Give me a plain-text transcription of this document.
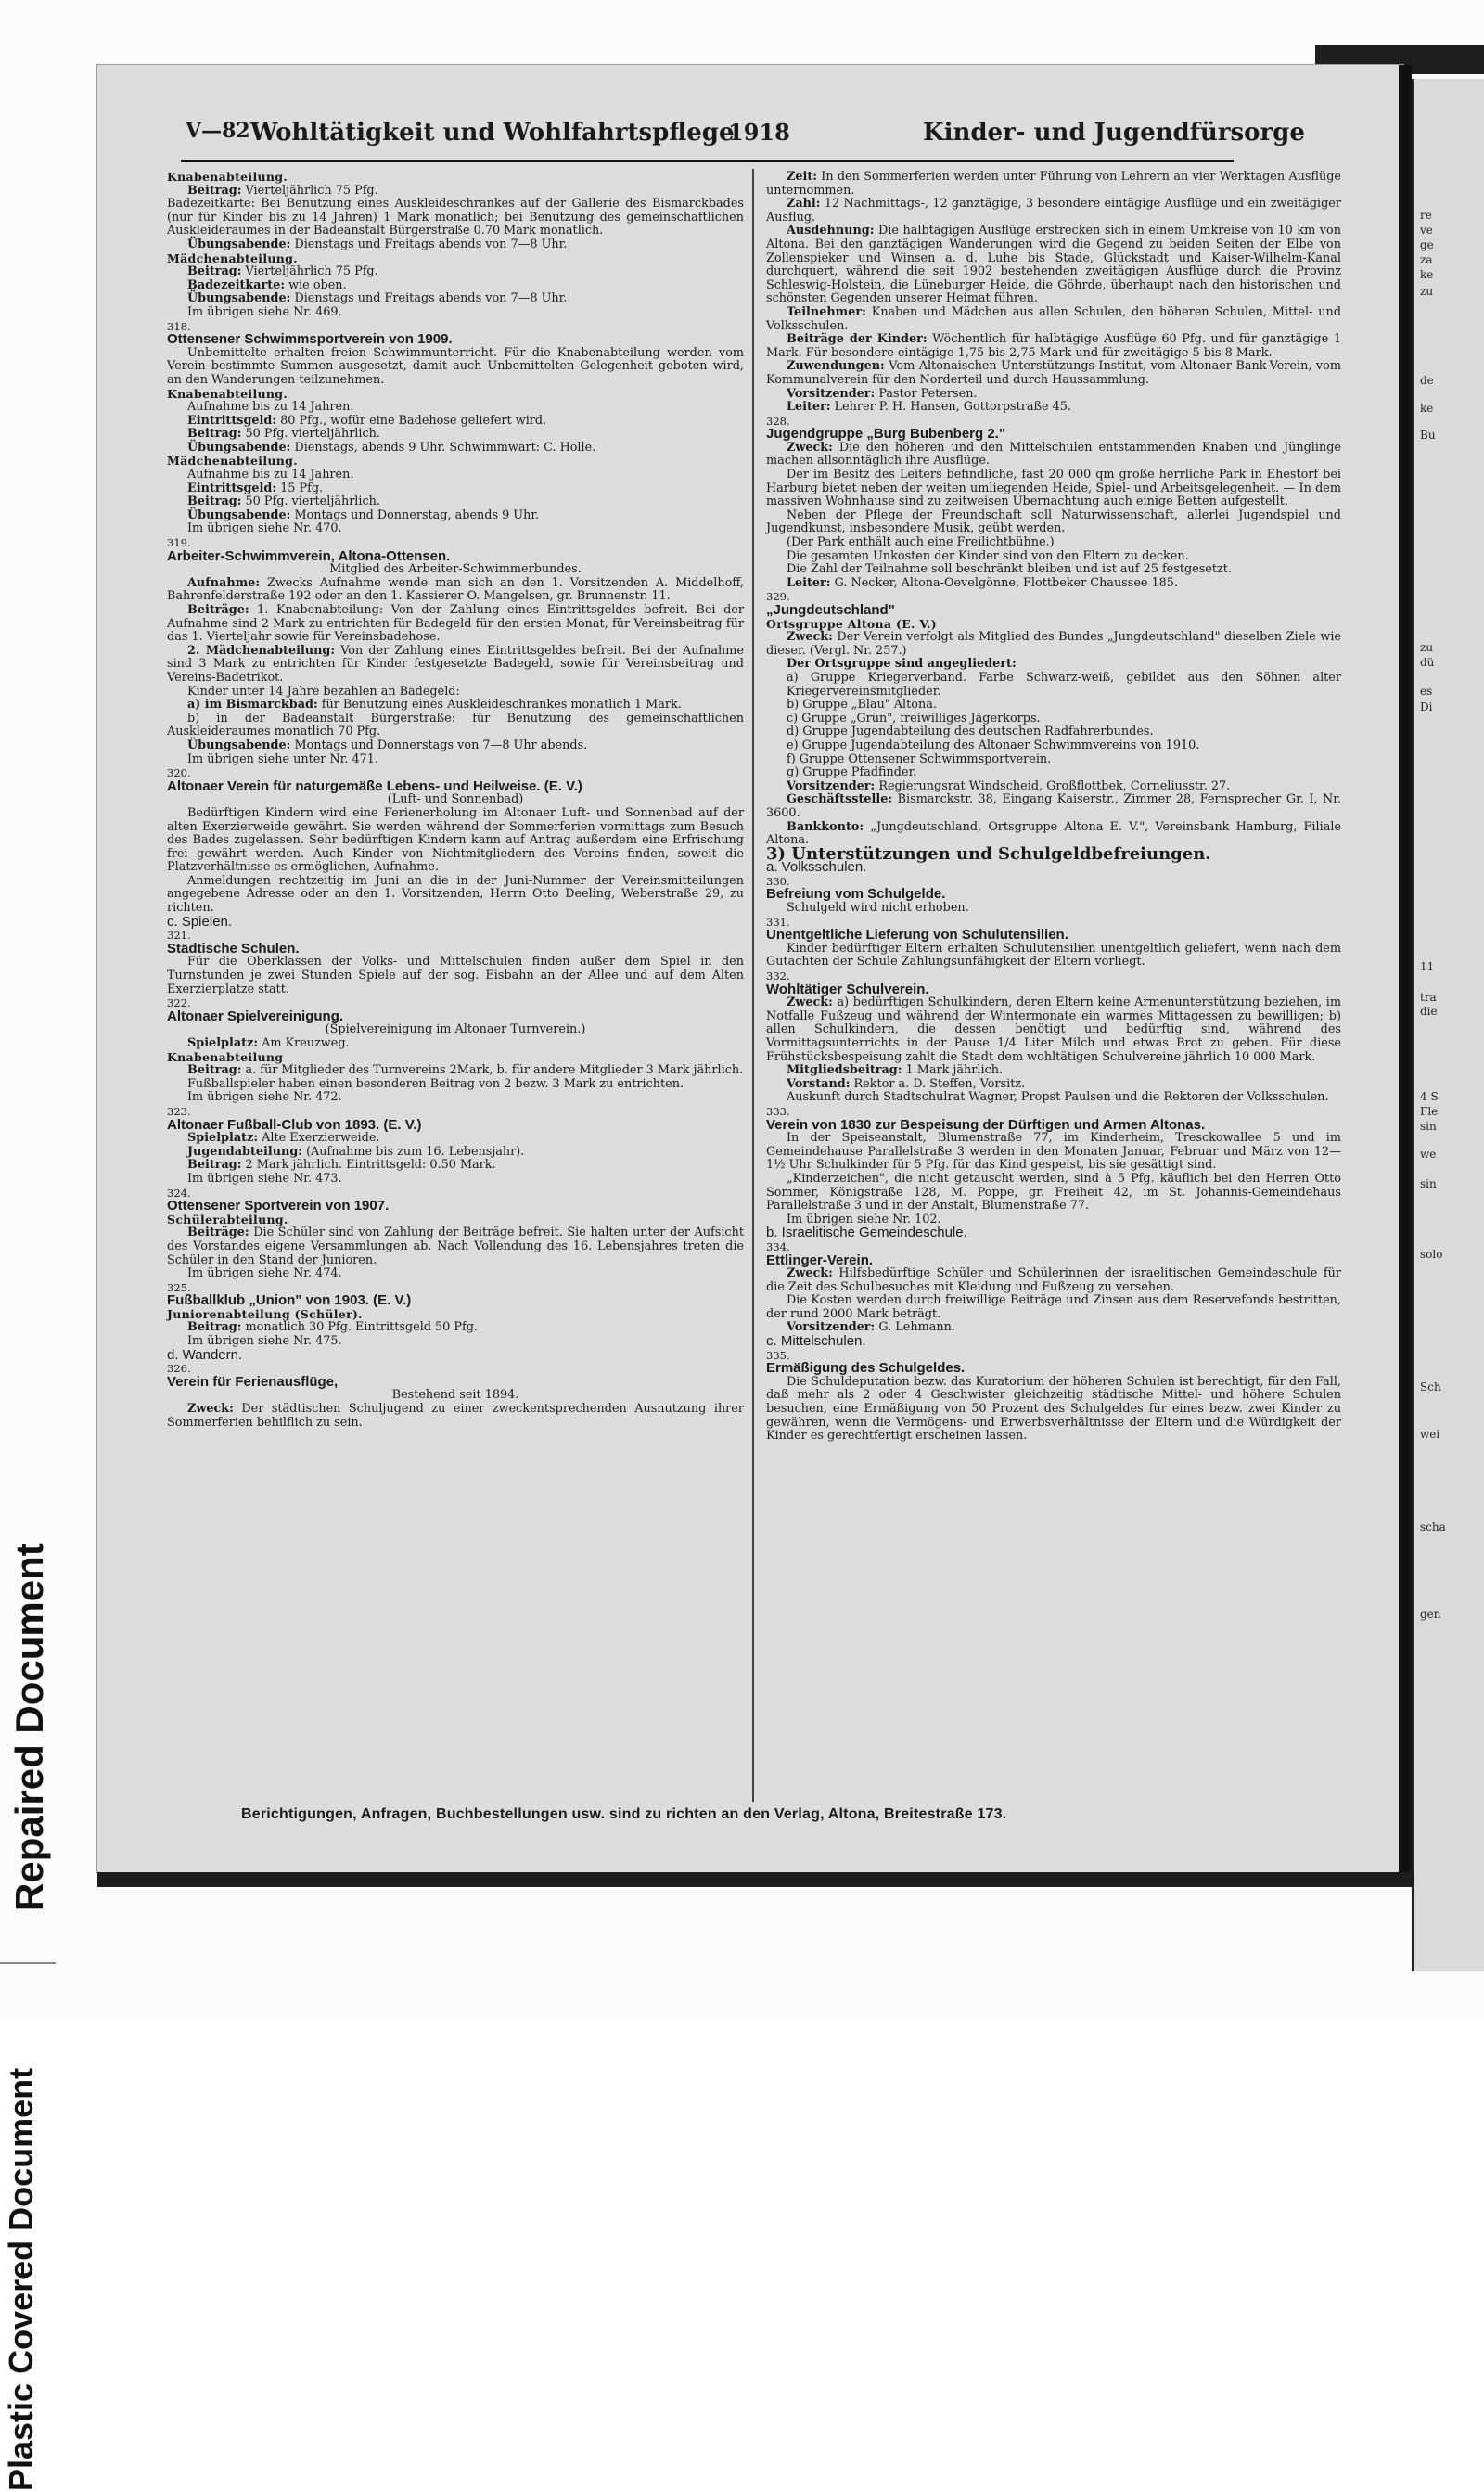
Plastic Covered Document
Repaired Document
re
ve
ge
za
ke
zu
de
ke
Bu
zu
dü
es
Di
11
tra
die
4 S
Fle
sin
we
sin
solo
Sch
wei
scha
gen
V—82 Wohltätigkeit und Wohlfahrtspflege
1918	Kinder- und Jugendfürsorge

Knabenabteilung.

Beitrag: Vierteljährlich 75 Pfg.

Badezeitkarte: Bei Benutzung eines Auskleideschrankes auf der Gallerie des Bismarckbades (nur für Kinder bis zu 14 Jahren) 1 Mark monatlich; bei Benutzung des gemeinschaftlichen Auskleideraumes in der Badeanstalt Bürgerstraße 0.70 Mark monatlich.

Übungsabende: Dienstags und Freitags abends von 7—8 Uhr.

Mädchenabteilung.

Beitrag: Vierteljährlich 75 Pfg.

Badezeitkarte: wie oben.

Übungsabende: Dienstags und Freitags abends von 7—8 Uhr.

Im übrigen siehe Nr. 469.

318.

Ottensener Schwimmsportverein von 1909.

Unbemittelte erhalten freien Schwimmunterricht. Für die Knabenabteilung werden vom Verein bestimmte Summen ausgesetzt, damit auch Unbemittelten Gelegenheit geboten wird, an den Wanderungen teilzunehmen.

Knabenabteilung.

Aufnahme bis zu 14 Jahren.

Eintrittsgeld: 80 Pfg., wofür eine Badehose geliefert wird.

Beitrag: 50 Pfg. vierteljährlich.

Übungsabende: Dienstags, abends 9 Uhr. Schwimmwart: C. Holle.

Mädchenabteilung.

Aufnahme bis zu 14 Jahren.

Eintrittsgeld: 15 Pfg.

Beitrag: 50 Pfg. vierteljährlich.

Übungsabende: Montags und Donnerstag, abends 9 Uhr.

Im übrigen siehe Nr. 470.

319.

Arbeiter-Schwimmverein, Altona-Ottensen.

Mitglied des Arbeiter-Schwimmerbundes.

Aufnahme: Zwecks Aufnahme wende man sich an den 1. Vorsitzenden A. Middelhoff, Bahrenfelderstraße 192 oder an den 1. Kassierer O. Mangelsen, gr. Brunnenstr. 11.

Beiträge: 1. Knabenabteilung: Von der Zahlung eines Eintrittsgeldes befreit. Bei der Aufnahme sind 2 Mark zu entrichten für Badegeld für den ersten Monat, für Vereinsbeitrag für das 1. Vierteljahr sowie für Vereinsbadehose.

2. Mädchenabteilung: Von der Zahlung eines Eintrittsgeldes befreit. Bei der Aufnahme sind 3 Mark zu entrichten für Kinder festgesetzte Badegeld, sowie für Vereinsbeitrag und Vereins-Badetrikot.

Kinder unter 14 Jahre bezahlen an Badegeld:

a) im Bismarckbad: für Benutzung eines Auskleideschrankes monatlich 1 Mark.

b) in der Badeanstalt Bürgerstraße: für Benutzung des gemeinschaftlichen Auskleideraumes monatlich 70 Pfg.

Übungsabende: Montags und Donnerstags von 7—8 Uhr abends.

Im übrigen siehe unter Nr. 471.

320.

Altonaer Verein für naturgemäße Lebens- und Heilweise. (E. V.)

(Luft- und Sonnenbad)

Bedürftigen Kindern wird eine Ferienerholung im Altonaer Luft- und Sonnenbad auf der alten Exerzierweide gewährt. Sie werden während der Sommerferien vormittags zum Besuch des Bades zugelassen. Sehr bedürftigen Kindern kann auf Antrag außerdem eine Erfrischung frei gewährt werden. Auch Kinder von Nichtmitgliedern des Vereins finden, soweit die Platzverhältnisse es ermöglichen, Aufnahme.

Anmeldungen rechtzeitig im Juni an die in der Juni-Nummer der Vereinsmitteilungen angegebene Adresse oder an den 1. Vorsitzenden, Herrn Otto Deeling, Weberstraße 29, zu richten.

c. Spielen.

321.

Städtische Schulen.

Für die Oberklassen der Volks- und Mittelschulen finden außer dem Spiel in den Turnstunden je zwei Stunden Spiele auf der sog. Eisbahn an der Allee und auf dem Alten Exerzierplatze statt.

322.

Altonaer Spielvereinigung.

(Spielvereinigung im Altonaer Turnverein.)

Spielplatz: Am Kreuzweg.

Knabenabteilung

Beitrag: a. für Mitglieder des Turnvereins 2Mark, b. für andere Mitglieder 3 Mark jährlich.

Fußballspieler haben einen besonderen Beitrag von 2 bezw. 3 Mark zu entrichten.

Im übrigen siehe Nr. 472.

323.

Altonaer Fußball-Club von 1893. (E. V.)

Spielplatz: Alte Exerzierweide.

Jugendabteilung: (Aufnahme bis zum 16. Lebensjahr).

Beitrag: 2 Mark jährlich. Eintrittsgeld: 0.50 Mark.

Im übrigen siehe Nr. 473.

324.

Ottensener Sportverein von 1907.

Schülerabteilung.

Beiträge: Die Schüler sind von Zahlung der Beiträge befreit. Sie halten unter der Aufsicht des Vorstandes eigene Versammlungen ab. Nach Vollendung des 16. Lebensjahres treten die Schüler in den Stand der Junioren.

Im übrigen siehe Nr. 474.

325.

Fußballklub „Union" von 1903. (E. V.)

Juniorenabteilung (Schüler).

Beitrag: monatlich 30 Pfg. Eintrittsgeld 50 Pfg.

Im übrigen siehe Nr. 475.

d. Wandern.

326.

Verein für Ferienausflüge,

Bestehend seit 1894.

Zweck: Der städtischen Schuljugend zu einer zweckentsprechenden Ausnutzung ihrer Sommerferien behilflich zu sein.

Zeit: In den Sommerferien werden unter Führung von Lehrern an vier Werktagen Ausflüge unternommen.

Zahl: 12 Nachmittags-, 12 ganztägige, 3 besondere eintägige Ausflüge und ein zweitägiger Ausflug.

Ausdehnung: Die halbtägigen Ausflüge erstrecken sich in einem Umkreise von 10 km von Altona. Bei den ganztägigen Wanderungen wird die Gegend zu beiden Seiten der Elbe von Zollenspieker und Winsen a. d. Luhe bis Stade, Glückstadt und Kaiser-Wilhelm-Kanal durchquert, während die seit 1902 bestehenden zweitägigen Ausflüge durch die Provinz Schleswig-Holstein, die Lüneburger Heide, die Göhrde, überhaupt nach den historischen und schönsten Gegenden unserer Heimat führen.

Teilnehmer: Knaben und Mädchen aus allen Schulen, den höheren Schulen, Mittel- und Volksschulen.

Beiträge der Kinder: Wöchentlich für halbtägige Ausflüge 60 Pfg. und für ganztägige 1 Mark. Für besondere eintägige 1,75 bis 2,75 Mark und für zweitägige 5 bis 8 Mark.

Zuwendungen: Vom Altonaischen Unterstützungs-Institut, vom Altonaer Bank-Verein, vom Kommunalverein für den Norderteil und durch Haussammlung.

Vorsitzender: Pastor Petersen.

Leiter: Lehrer P. H. Hansen, Gottorpstraße 45.

328.

Jugendgruppe „Burg Bubenberg 2."

Zweck: Die den höheren und den Mittelschulen entstammenden Knaben und Jünglinge machen allsonntäglich ihre Ausflüge.

Der im Besitz des Leiters befindliche, fast 20 000 qm große herrliche Park in Ehestorf bei Harburg bietet neben der weiten umliegenden Heide, Spiel- und Arbeitsgelegenheit. — In dem massiven Wohnhause sind zu zeitweisen Übernachtung auch einige Betten aufgestellt.

Neben der Pflege der Freundschaft soll Naturwissenschaft, allerlei Jugendspiel und Jugendkunst, insbesondere Musik, geübt werden.

(Der Park enthält auch eine Freilichtbühne.)

Die gesamten Unkosten der Kinder sind von den Eltern zu decken.

Die Zahl der Teilnahme soll beschränkt bleiben und ist auf 25 festgesetzt.

Leiter: G. Necker, Altona-Oevelgönne, Flottbeker Chaussee 185.

329.

„Jungdeutschland"

Ortsgruppe Altona (E. V.)

Zweck: Der Verein verfolgt als Mitglied des Bundes „Jungdeutschland" dieselben Ziele wie dieser. (Vergl. Nr. 257.)

Der Ortsgruppe sind angegliedert:

a) Gruppe Kriegerverband. Farbe Schwarz-weiß, gebildet aus den Söhnen alter Kriegervereinsmitglieder.

b) Gruppe „Blau" Altona.

c) Gruppe „Grün", freiwilliges Jägerkorps.

d) Gruppe Jugendabteilung des deutschen Radfahrerbundes.

e) Gruppe Jugendabteilung des Altonaer Schwimmvereins von 1910.

f) Gruppe Ottensener Schwimmsportverein.

g) Gruppe Pfadfinder.

Vorsitzender: Regierungsrat Windscheid, Großflottbek, Corneliusstr. 27.

Geschäftsstelle: Bismarckstr. 38, Eingang Kaiserstr., Zimmer 28, Fernsprecher Gr. I, Nr. 3600.

Bankkonto: „Jungdeutschland, Ortsgruppe Altona E. V.", Vereinsbank Hamburg, Filiale Altona.

3) Unterstützungen und Schulgeldbefreiungen.

a. Volksschulen.

330.

Befreiung vom Schulgelde.

Schulgeld wird nicht erhoben.

331.

Unentgeltliche Lieferung von Schulutensilien.

Kinder bedürftiger Eltern erhalten Schulutensilien unentgeltlich geliefert, wenn nach dem Gutachten der Schule Zahlungsunfähigkeit der Eltern vorliegt.

332.

Wohltätiger Schulverein.

Zweck: a) bedürftigen Schulkindern, deren Eltern keine Armenunterstützung beziehen, im Notfalle Fußzeug und während der Wintermonate ein warmes Mittagessen zu bewilligen; b) allen Schulkindern, die dessen benötigt und bedürftig sind, während des Vormittagsunterrichts in der Pause 1/4 Liter Milch und etwas Brot zu geben. Für diese Frühstücksbespeisung zahlt die Stadt dem wohltätigen Schulvereine jährlich 10 000 Mark.

Mitgliedsbeitrag: 1 Mark jährlich.

Vorstand: Rektor a. D. Steffen, Vorsitz.

Auskunft durch Stadtschulrat Wagner, Propst Paulsen und die Rektoren der Volksschulen.

333.

Verein von 1830 zur Bespeisung der Dürftigen und Armen Altonas.

In der Speiseanstalt, Blumenstraße 77, im Kinderheim, Tresckowallee 5 und im Gemeindehause Parallelstraße 3 werden in den Monaten Januar, Februar und März von 12—1½ Uhr Schulkinder für 5 Pfg. für das Kind gespeist, bis sie gesättigt sind.

„Kinderzeichen", die nicht getauscht werden, sind à 5 Pfg. käuflich bei den Herren Otto Sommer, Königstraße 128, M. Poppe, gr. Freiheit 42, im St. Johannis-Gemeindehaus Parallelstraße 3 und in der Anstalt, Blumenstraße 77.

Im übrigen siehe Nr. 102.

b. Israelitische Gemeindeschule.

334.

Ettlinger-Verein.

Zweck: Hilfsbedürftige Schüler und Schülerinnen der israelitischen Gemeindeschule für die Zeit des Schulbesuches mit Kleidung und Fußzeug zu versehen.

Die Kosten werden durch freiwillige Beiträge und Zinsen aus dem Reservefonds bestritten, der rund 2000 Mark beträgt.

Vorsitzender: G. Lehmann.

c. Mittelschulen.

335.

Ermäßigung des Schulgeldes.

Die Schuldeputation bezw. das Kuratorium der höheren Schulen ist berechtigt, für den Fall, daß mehr als 2 oder 4 Geschwister gleichzeitig städtische Mittel- und höhere Schulen besuchen, eine Ermäßigung von 50 Prozent des Schulgeldes für eines bezw. zwei Kinder zu gewähren, wenn die Vermögens- und Erwerbsverhältnisse der Eltern und die Würdigkeit der Kinder es gerechtfertigt erscheinen lassen.

Berichtigungen, Anfragen, Buchbestellungen usw. sind zu richten an den Verlag, Altona, Breitestraße 173.
